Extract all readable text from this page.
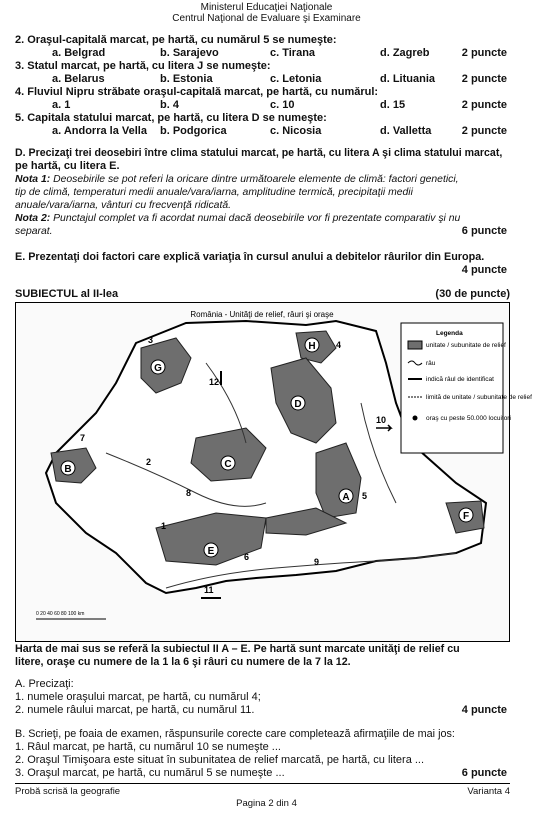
Ministerul Educaţiei Naţionale
Centrul Naţional de Evaluare şi Examinare
2. Oraşul-capitală marcat, pe hartă, cu numărul 5 se numeşte:
a. Belgrad	b. Sarajevo	c. Tirana	d. Zagreb	2 puncte
3. Statul marcat, pe hartă, cu litera J se numeşte:
a. Belarus	b. Estonia	c. Letonia	d. Lituania 2 puncte
4. Fluviul Nipru străbate oraşul-capitală marcat, pe hartă, cu numărul:
a. 1	b. 4	c. 10	d. 15	2 puncte
5. Capitala statului marcat, pe hartă, cu litera D se numeşte:
a. Andorra la Vella b. Podgorica	c. Nicosia	d. Valletta	2 puncte
D. Precizaţi trei deosebiri între clima statului marcat, pe hartă, cu litera A şi clima statului marcat,
pe hartă, cu litera E.
Nota 1: Deosebirile se pot referi la oricare dintre următoarele elemente de climă: factori genetici,
tip de climă, temperaturi medii anuale/vara/iarna, amplitudine termică, precipitaţii medii
anuale/vara/iarna, vânturi cu frecvenţă ridicată.
Nota 2: Punctajul complet va fi acordat numai dacă deosebirile vor fi prezentate comparativ şi nu
separat.	6 puncte
E. Prezentaţi doi factori care explică variaţia în cursul anului a debitelor râurilor din Europa.
4 puncte
SUBIECTUL al II-lea	(30 de puncte)
România - Unităţi de relief, râuri şi oraşe
G
H
D
C
B
A
E
F
3	4
12
7
10
8	5
1
6	9
11
2
0 20 40 60 80 100 km
Legenda
unitate / subunitate de relief
râu
indică râul de identificat
limită de unitate / subunitate de relief
oraş cu peste 50.000 locuitori
Harta de mai sus se referă la subiectul II A – E. Pe hartă sunt marcate unităţi de relief cu
litere, oraşe cu numere de la 1 la 6 şi râuri cu numere de la 7 la 12.
A. Precizaţi:
1. numele oraşului marcat, pe hartă, cu numărul 4;
2. numele râului marcat, pe hartă, cu numărul 11.	4 puncte
B. Scrieţi, pe foaia de examen, răspunsurile corecte care completează afirmaţiile de mai jos:
1. Râul marcat, pe hartă, cu numărul 10 se numeşte ...
2. Oraşul Timişoara este situat în subunitatea de relief marcată, pe hartă, cu litera ...
3. Oraşul marcat, pe hartă, cu numărul 5 se numeşte ...	6 puncte
Probă scrisă la geografie	Varianta 4
Pagina 2 din 4
